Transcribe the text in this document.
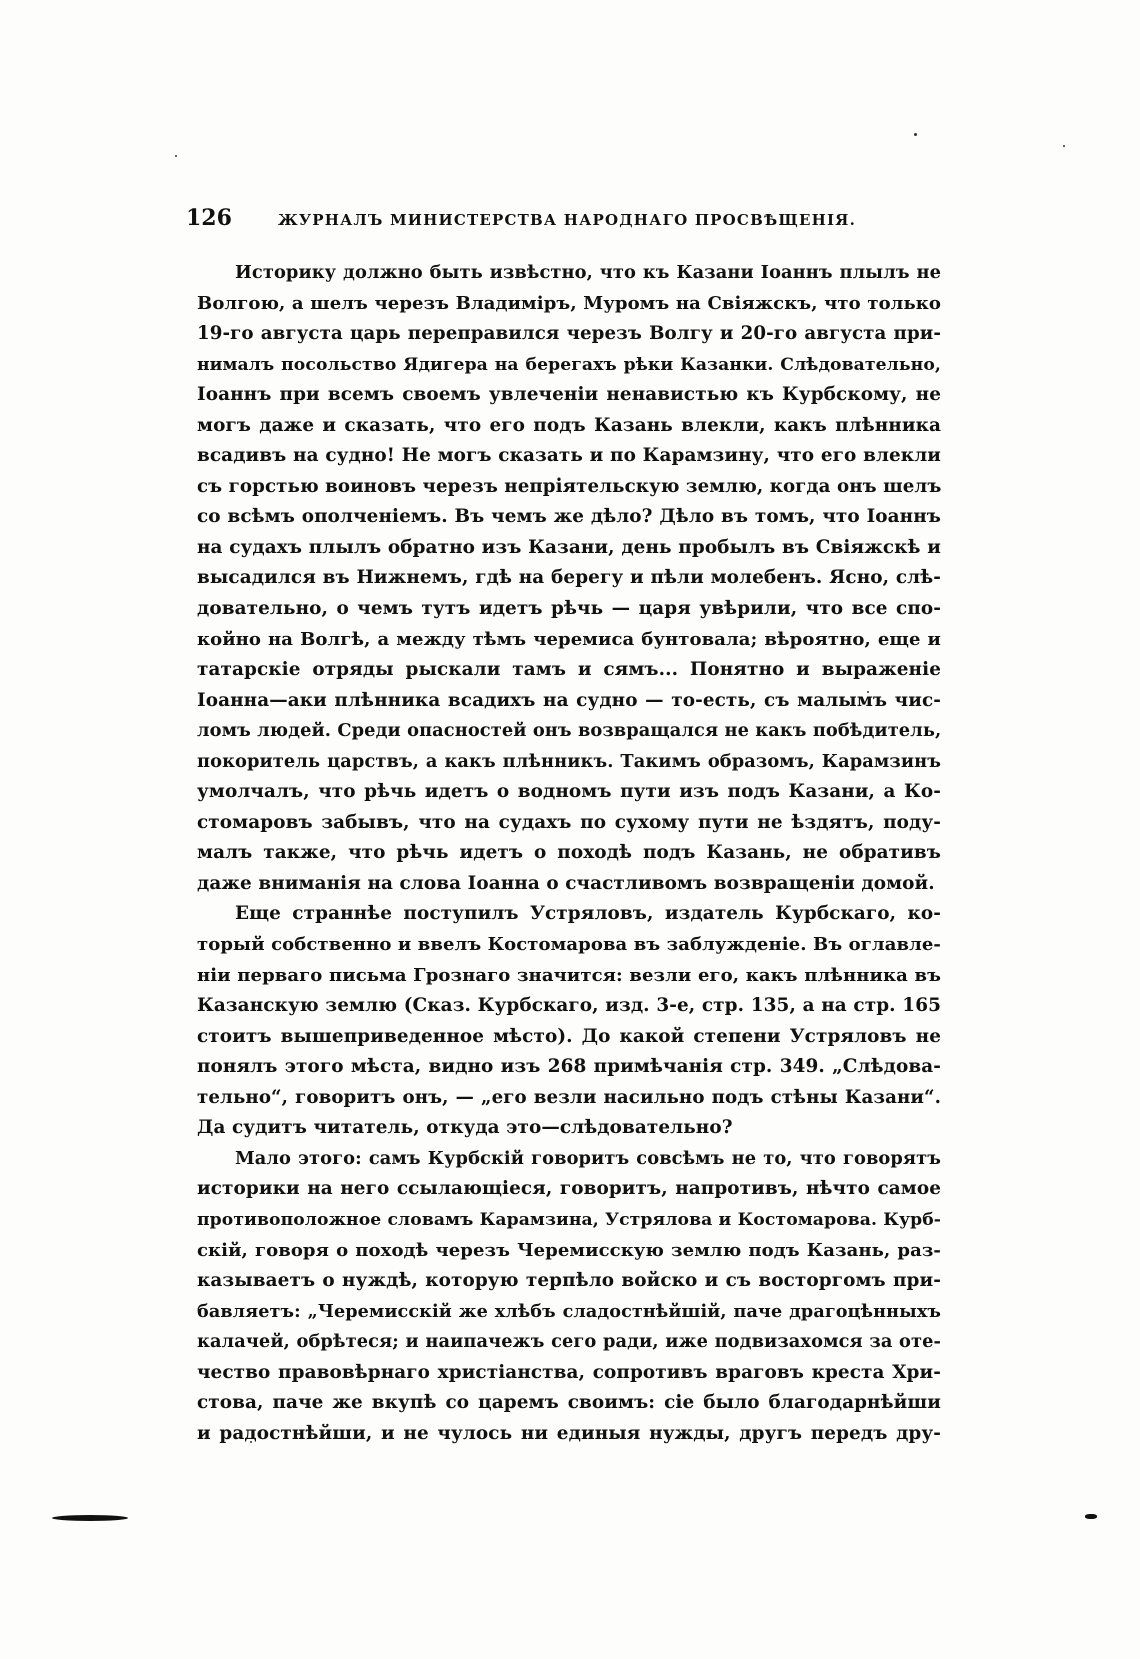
126	ЖУРНАЛЪ МИНИСТЕРСТВА НАРОДНАГО ПРОСВѢЩЕНІЯ.
Историку должно быть извѣстно, что къ Казани Іоаннъ плылъ не
Волгою, а шелъ черезъ Владиміръ, Муромъ на Свіяжскъ, что только
19-го августа царь переправился черезъ Волгу и 20-го августа при-
нималъ посольство Ядигера на берегахъ рѣки Казанки. Слѣдовательно,
Іоаннъ при всемъ своемъ увлеченіи ненавистью къ Курбскому, не
могъ даже и сказать, что его подъ Казань влекли, какъ плѣнника
всадивъ на судно! Не могъ сказать и по Карамзину, что его влекли
съ горстью воиновъ черезъ непріятельскую землю, когда онъ шелъ
со всѣмъ ополченіемъ. Въ чемъ же дѣло? Дѣло въ томъ, что Іоаннъ
на судахъ плылъ обратно изъ Казани, день пробылъ въ Свіяжскѣ и
высадился въ Нижнемъ, гдѣ на берегу и пѣли молебенъ. Ясно, слѣ-
довательно, о чемъ тутъ идетъ рѣчь — царя увѣрили, что все спо-
койно на Волгѣ, а между тѣмъ черемиса бунтовала; вѣроятно, еще и
татарскіе отряды рыскали тамъ и сямъ... Понятно и выраженіе
Іоанна—аки плѣнника всадихъ на судно — то-есть, съ малымъ чис-
ломъ людей. Среди опасностей онъ возвращался не какъ побѣдитель,
покоритель царствъ, а какъ плѣнникъ. Такимъ образомъ, Карамзинъ
умолчалъ, что рѣчь идетъ о водномъ пути изъ подъ Казани, а Ко-
стомаровъ забывъ, что на судахъ по сухому пути не ѣздятъ, поду-
малъ также, что рѣчь идетъ о походѣ подъ Казань, не обративъ
даже вниманія на слова Іоанна о счастливомъ возвращеніи домой.
Еще страннѣе поступилъ Устряловъ, издатель Курбскаго, ко-
торый собственно и ввелъ Костомарова въ заблужденіе. Въ оглавле-
ніи перваго письма Грознаго значится: везли его, какъ плѣнника въ
Казанскую землю (Сказ. Курбскаго, изд. 3-е, стр. 135, а на стр. 165
стоитъ вышеприведенное мѣсто). До какой степени Устряловъ не
понялъ этого мѣста, видно изъ 268 примѣчанія стр. 349. „Слѣдова-
тельно“, говоритъ онъ, — „его везли насильно подъ стѣны Казани“.
Да судитъ читатель, откуда это—слѣдовательно?
Мало этого: самъ Курбскій говоритъ совсѣмъ не то, что говорятъ
историки на него ссылающіеся, говоритъ, напротивъ, нѣчто самое
противоположное словамъ Карамзина, Устрялова и Костомарова. Курб-
скій, говоря о походѣ черезъ Черемисскую землю подъ Казань, раз-
казываетъ о нуждѣ, которую терпѣло войско и съ восторгомъ при-
бавляетъ: „Черемисскій же хлѣбъ сладостнѣйшій, паче драгоцѣнныхъ
калачей, обрѣтеся; и наипачежъ сего ради, иже подвизахомся за оте-
чество правовѣрнаго христіанства, сопротивъ враговъ креста Хри-
стова, паче же вкупѣ со царемъ своимъ: сіе было благодарнѣйши
и радостнѣйши, и не чулось ни единыя нужды, другъ передъ дру-
